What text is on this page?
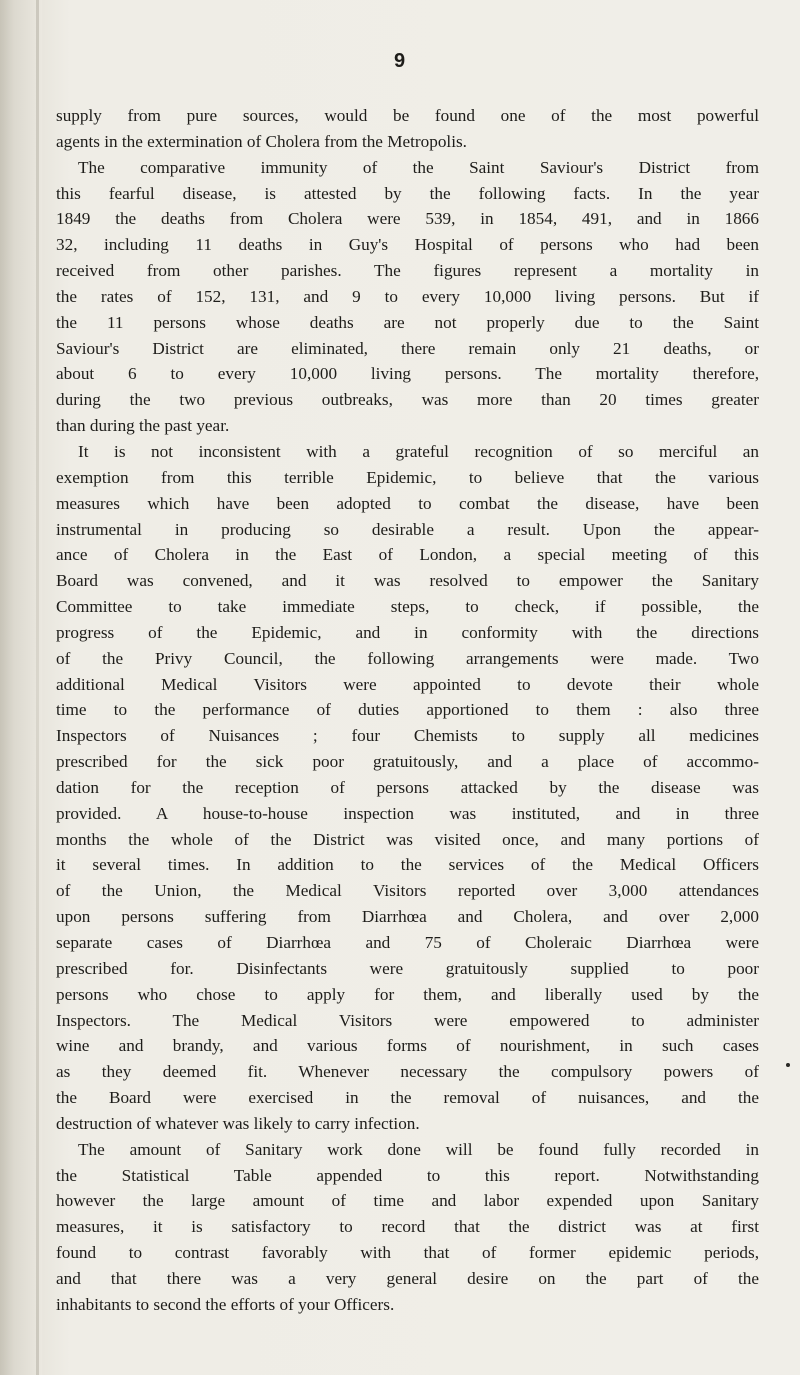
9
supply from pure sources, would be found one of the most powerful
agents in the extermination of Cholera from the Metropolis.
The comparative immunity of the Saint Saviour's District from
this fearful disease, is attested by the following facts. In the year
1849 the deaths from Cholera were 539, in 1854, 491, and in 1866
32, including 11 deaths in Guy's Hospital of persons who had been
received from other parishes. The figures represent a mortality in
the rates of 152, 131, and 9 to every 10,000 living persons. But if
the 11 persons whose deaths are not properly due to the Saint
Saviour's District are eliminated, there remain only 21 deaths, or
about 6 to every 10,000 living persons. The mortality therefore,
during the two previous outbreaks, was more than 20 times greater
than during the past year.
It is not inconsistent with a grateful recognition of so merciful an
exemption from this terrible Epidemic, to believe that the various
measures which have been adopted to combat the disease, have been
instrumental in producing so desirable a result. Upon the appear-
ance of Cholera in the East of London, a special meeting of this
Board was convened, and it was resolved to empower the Sanitary
Committee to take immediate steps, to check, if possible, the
progress of the Epidemic, and in conformity with the directions
of the Privy Council, the following arrangements were made. Two
additional Medical Visitors were appointed to devote their whole
time to the performance of duties apportioned to them : also three
Inspectors of Nuisances ; four Chemists to supply all medicines
prescribed for the sick poor gratuitously, and a place of accommo-
dation for the reception of persons attacked by the disease was
provided. A house-to-house inspection was instituted, and in three
months the whole of the District was visited once, and many portions of
it several times. In addition to the services of the Medical Officers
of the Union, the Medical Visitors reported over 3,000 attendances
upon persons suffering from Diarrhœa and Cholera, and over 2,000
separate cases of Diarrhœa and 75 of Choleraic Diarrhœa were
prescribed for. Disinfectants were gratuitously supplied to poor
persons who chose to apply for them, and liberally used by the
Inspectors. The Medical Visitors were empowered to administer
wine and brandy, and various forms of nourishment, in such cases
as they deemed fit. Whenever necessary the compulsory powers of
the Board were exercised in the removal of nuisances, and the
destruction of whatever was likely to carry infection.
The amount of Sanitary work done will be found fully recorded in
the Statistical Table appended to this report. Notwithstanding
however the large amount of time and labor expended upon Sanitary
measures, it is satisfactory to record that the district was at first
found to contrast favorably with that of former epidemic periods,
and that there was a very general desire on the part of the
inhabitants to second the efforts of your Officers.
